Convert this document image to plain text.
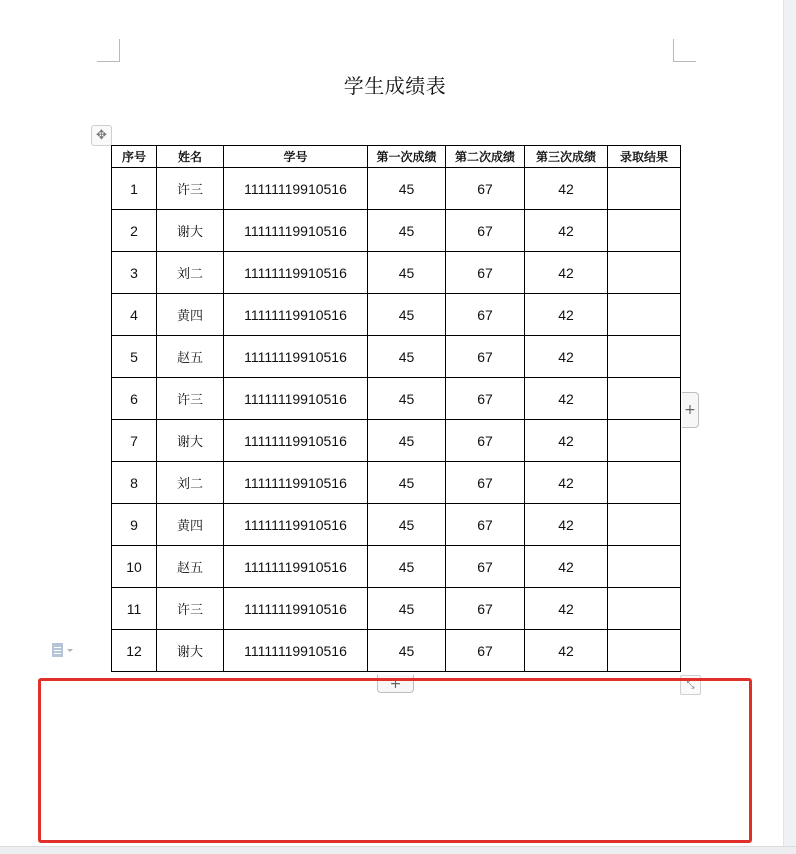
学生成绩表
✥
序号	姓名	学号	第一次成绩	第二次成绩	第三次成绩	录取结果
1	许三	11111119910516	45	67	42	
2	谢大	11111119910516	45	67	42	
3	刘二	11111119910516	45	67	42	
4	黄四	11111119910516	45	67	42	
5	赵五	11111119910516	45	67	42	
6	许三	11111119910516	45	67	42	
7	谢大	11111119910516	45	67	42	
8	刘二	11111119910516	45	67	42	
9	黄四	11111119910516	45	67	42	
10	赵五	11111119910516	45	67	42	
11	许三	11111119910516	45	67	42	
12	谢大	11111119910516	45	67	42	
+
+	⤡
